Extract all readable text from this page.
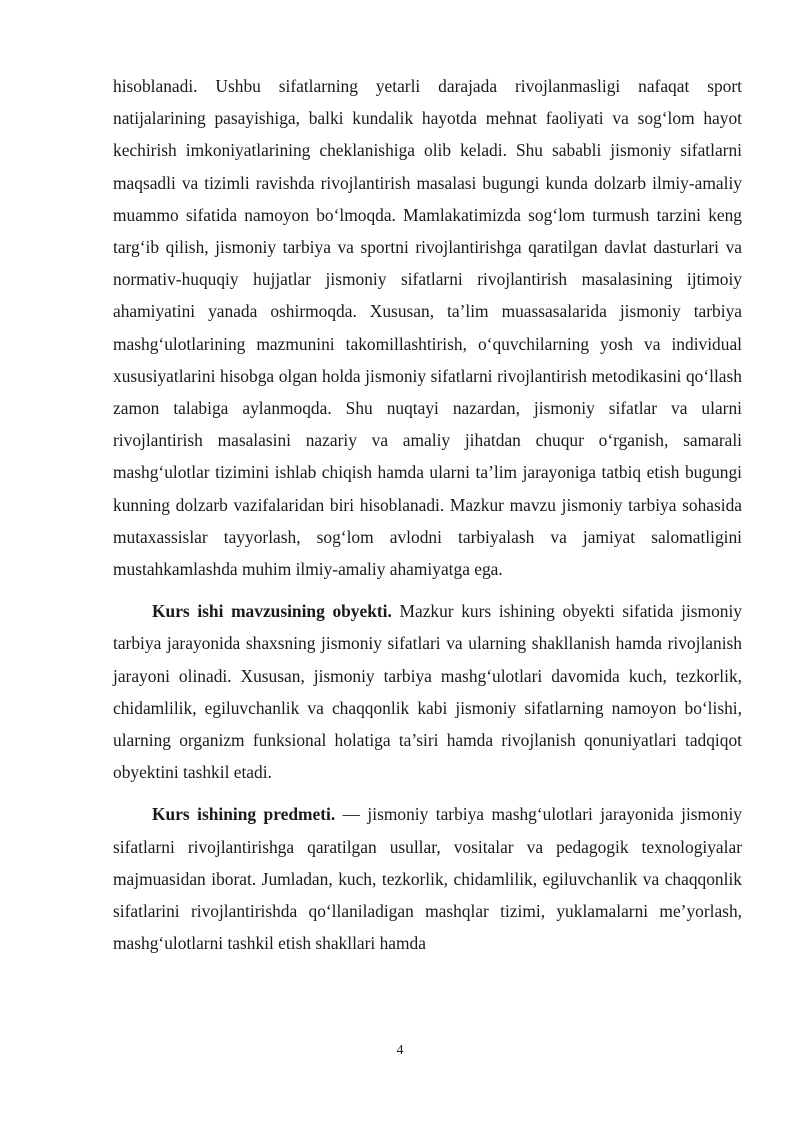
hisoblanadi. Ushbu sifatlarning yetarli darajada rivojlanmasligi nafaqat sport natijalarining pasayishiga, balki kundalik hayotda mehnat faoliyati va sog‘lom hayot kechirish imkoniyatlarining cheklanishiga olib keladi. Shu sababli jismoniy sifatlarni maqsadli va tizimli ravishda rivojlantirish masalasi bugungi kunda dolzarb ilmiy-amaliy muammo sifatida namoyon bo‘lmoqda. Mamlakatimizda sog‘lom turmush tarzini keng targ‘ib qilish, jismoniy tarbiya va sportni rivojlantirishga qaratilgan davlat dasturlari va normativ-huquqiy hujjatlar jismoniy sifatlarni rivojlantirish masalasining ijtimoiy ahamiyatini yanada oshirmoqda. Xususan, ta’lim muassasalarida jismoniy tarbiya mashg‘ulotlarining mazmunini takomillashtirish, o‘quvchilarning yosh va individual xususiyatlarini hisobga olgan holda jismoniy sifatlarni rivojlantirish metodikasini qo‘llash zamon talabiga aylanmoqda. Shu nuqtayi nazardan, jismoniy sifatlar va ularni rivojlantirish masalasini nazariy va amaliy jihatdan chuqur o‘rganish, samarali mashg‘ulotlar tizimini ishlab chiqish hamda ularni ta’lim jarayoniga tatbiq etish bugungi kunning dolzarb vazifalaridan biri hisoblanadi. Mazkur mavzu jismoniy tarbiya sohasida mutaxassislar tayyorlash, sog‘lom avlodni tarbiyalash va jamiyat salomatligini mustahkamlashda muhim ilmiy-amaliy ahamiyatga ega.

Kurs ishi mavzusining obyekti. Mazkur kurs ishining obyekti sifatida jismoniy tarbiya jarayonida shaxsning jismoniy sifatlari va ularning shakllanish hamda rivojlanish jarayoni olinadi. Xususan, jismoniy tarbiya mashg‘ulotlari davomida kuch, tezkorlik, chidamlilik, egiluvchanlik va chaqqonlik kabi jismoniy sifatlarning namoyon bo‘lishi, ularning organizm funksional holatiga ta’siri hamda rivojlanish qonuniyatlari tadqiqot obyektini tashkil etadi.

Kurs ishining predmeti. — jismoniy tarbiya mashg‘ulotlari jarayonida jismoniy sifatlarni rivojlantirishga qaratilgan usullar, vositalar va pedagogik texnologiyalar majmuasidan iborat. Jumladan, kuch, tezkorlik, chidamlilik, egiluvchanlik va chaqqonlik sifatlarini rivojlantirishda qo‘llaniladigan mashqlar tizimi, yuklamalarni me’yorlash, mashg‘ulotlarni tashkil etish shakllari hamda

4
